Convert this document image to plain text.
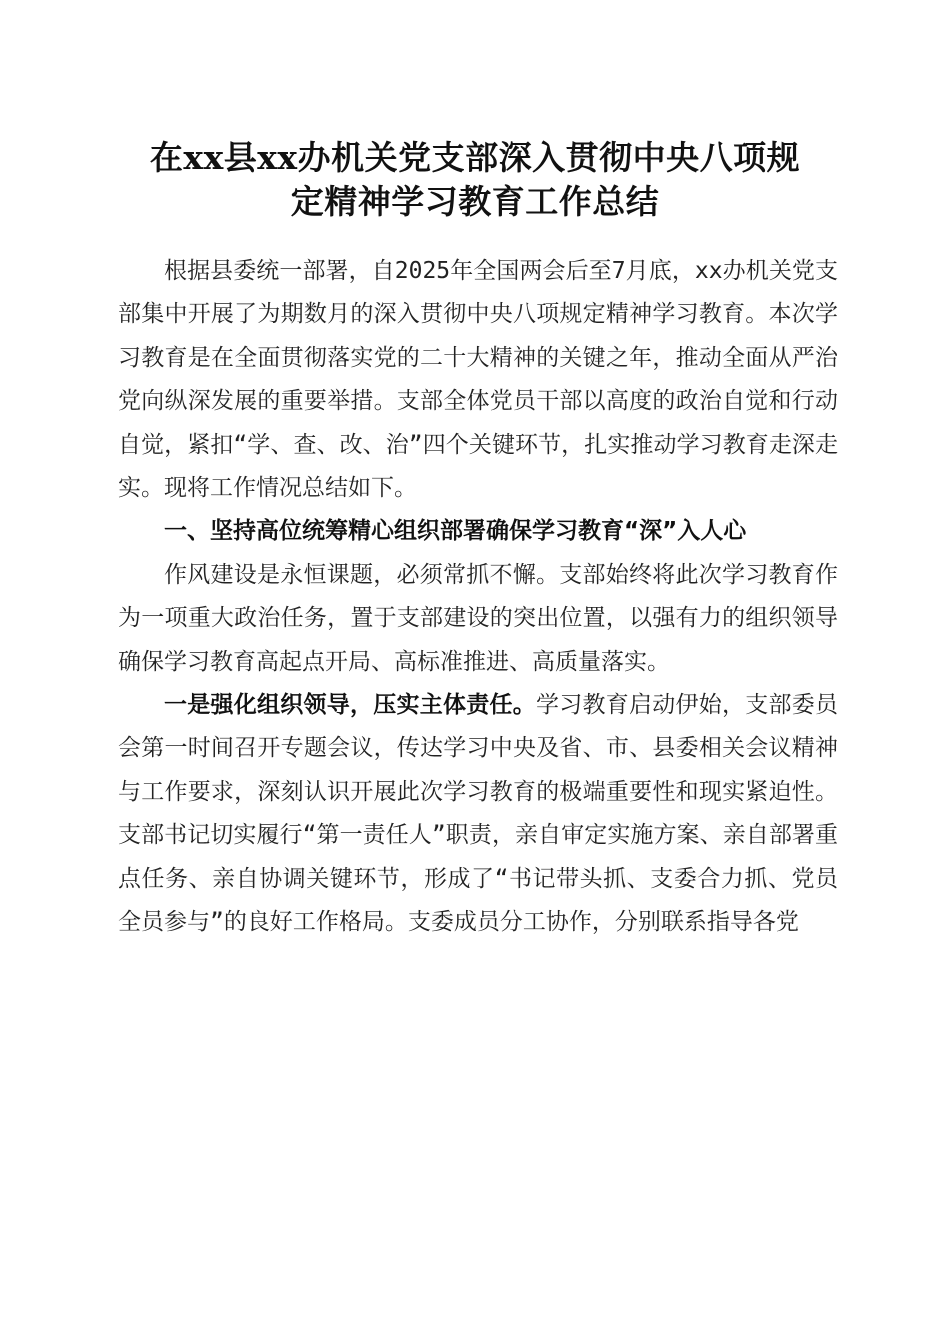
在xx县xx办机关党支部深入贯彻中央八项规
定精神学习教育工作总结

根据县委统一部署，自2025年全国两会后至7月底，xx办机关党支部集中开展了为期数月的深入贯彻中央八项规定精神学习教育。本次学习教育是在全面贯彻落实党的二十大精神的关键之年，推动全面从严治党向纵深发展的重要举措。支部全体党员干部以高度的政治自觉和行动自觉，紧扣“学、查、改、治”四个关键环节，扎实推动学习教育走深走实。现将工作情况总结如下。

一、坚持高位统筹精心组织部署确保学习教育“深”入人心

作风建设是永恒课题，必须常抓不懈。支部始终将此次学习教育作为一项重大政治任务，置于支部建设的突出位置，以强有力的组织领导确保学习教育高起点开局、高标准推进、高质量落实。

一是强化组织领导，压实主体责任。学习教育启动伊始，支部委员会第一时间召开专题会议，传达学习中央及省、市、县委相关会议精神与工作要求，深刻认识开展此次学习教育的极端重要性和现实紧迫性。支部书记切实履行“第一责任人”职责，亲自审定实施方案、亲自部署重点任务、亲自协调关键环节，形成了“书记带头抓、支委合力抓、党员全员参与”的良好工作格局。支委成员分工协作，分别联系指导各党
